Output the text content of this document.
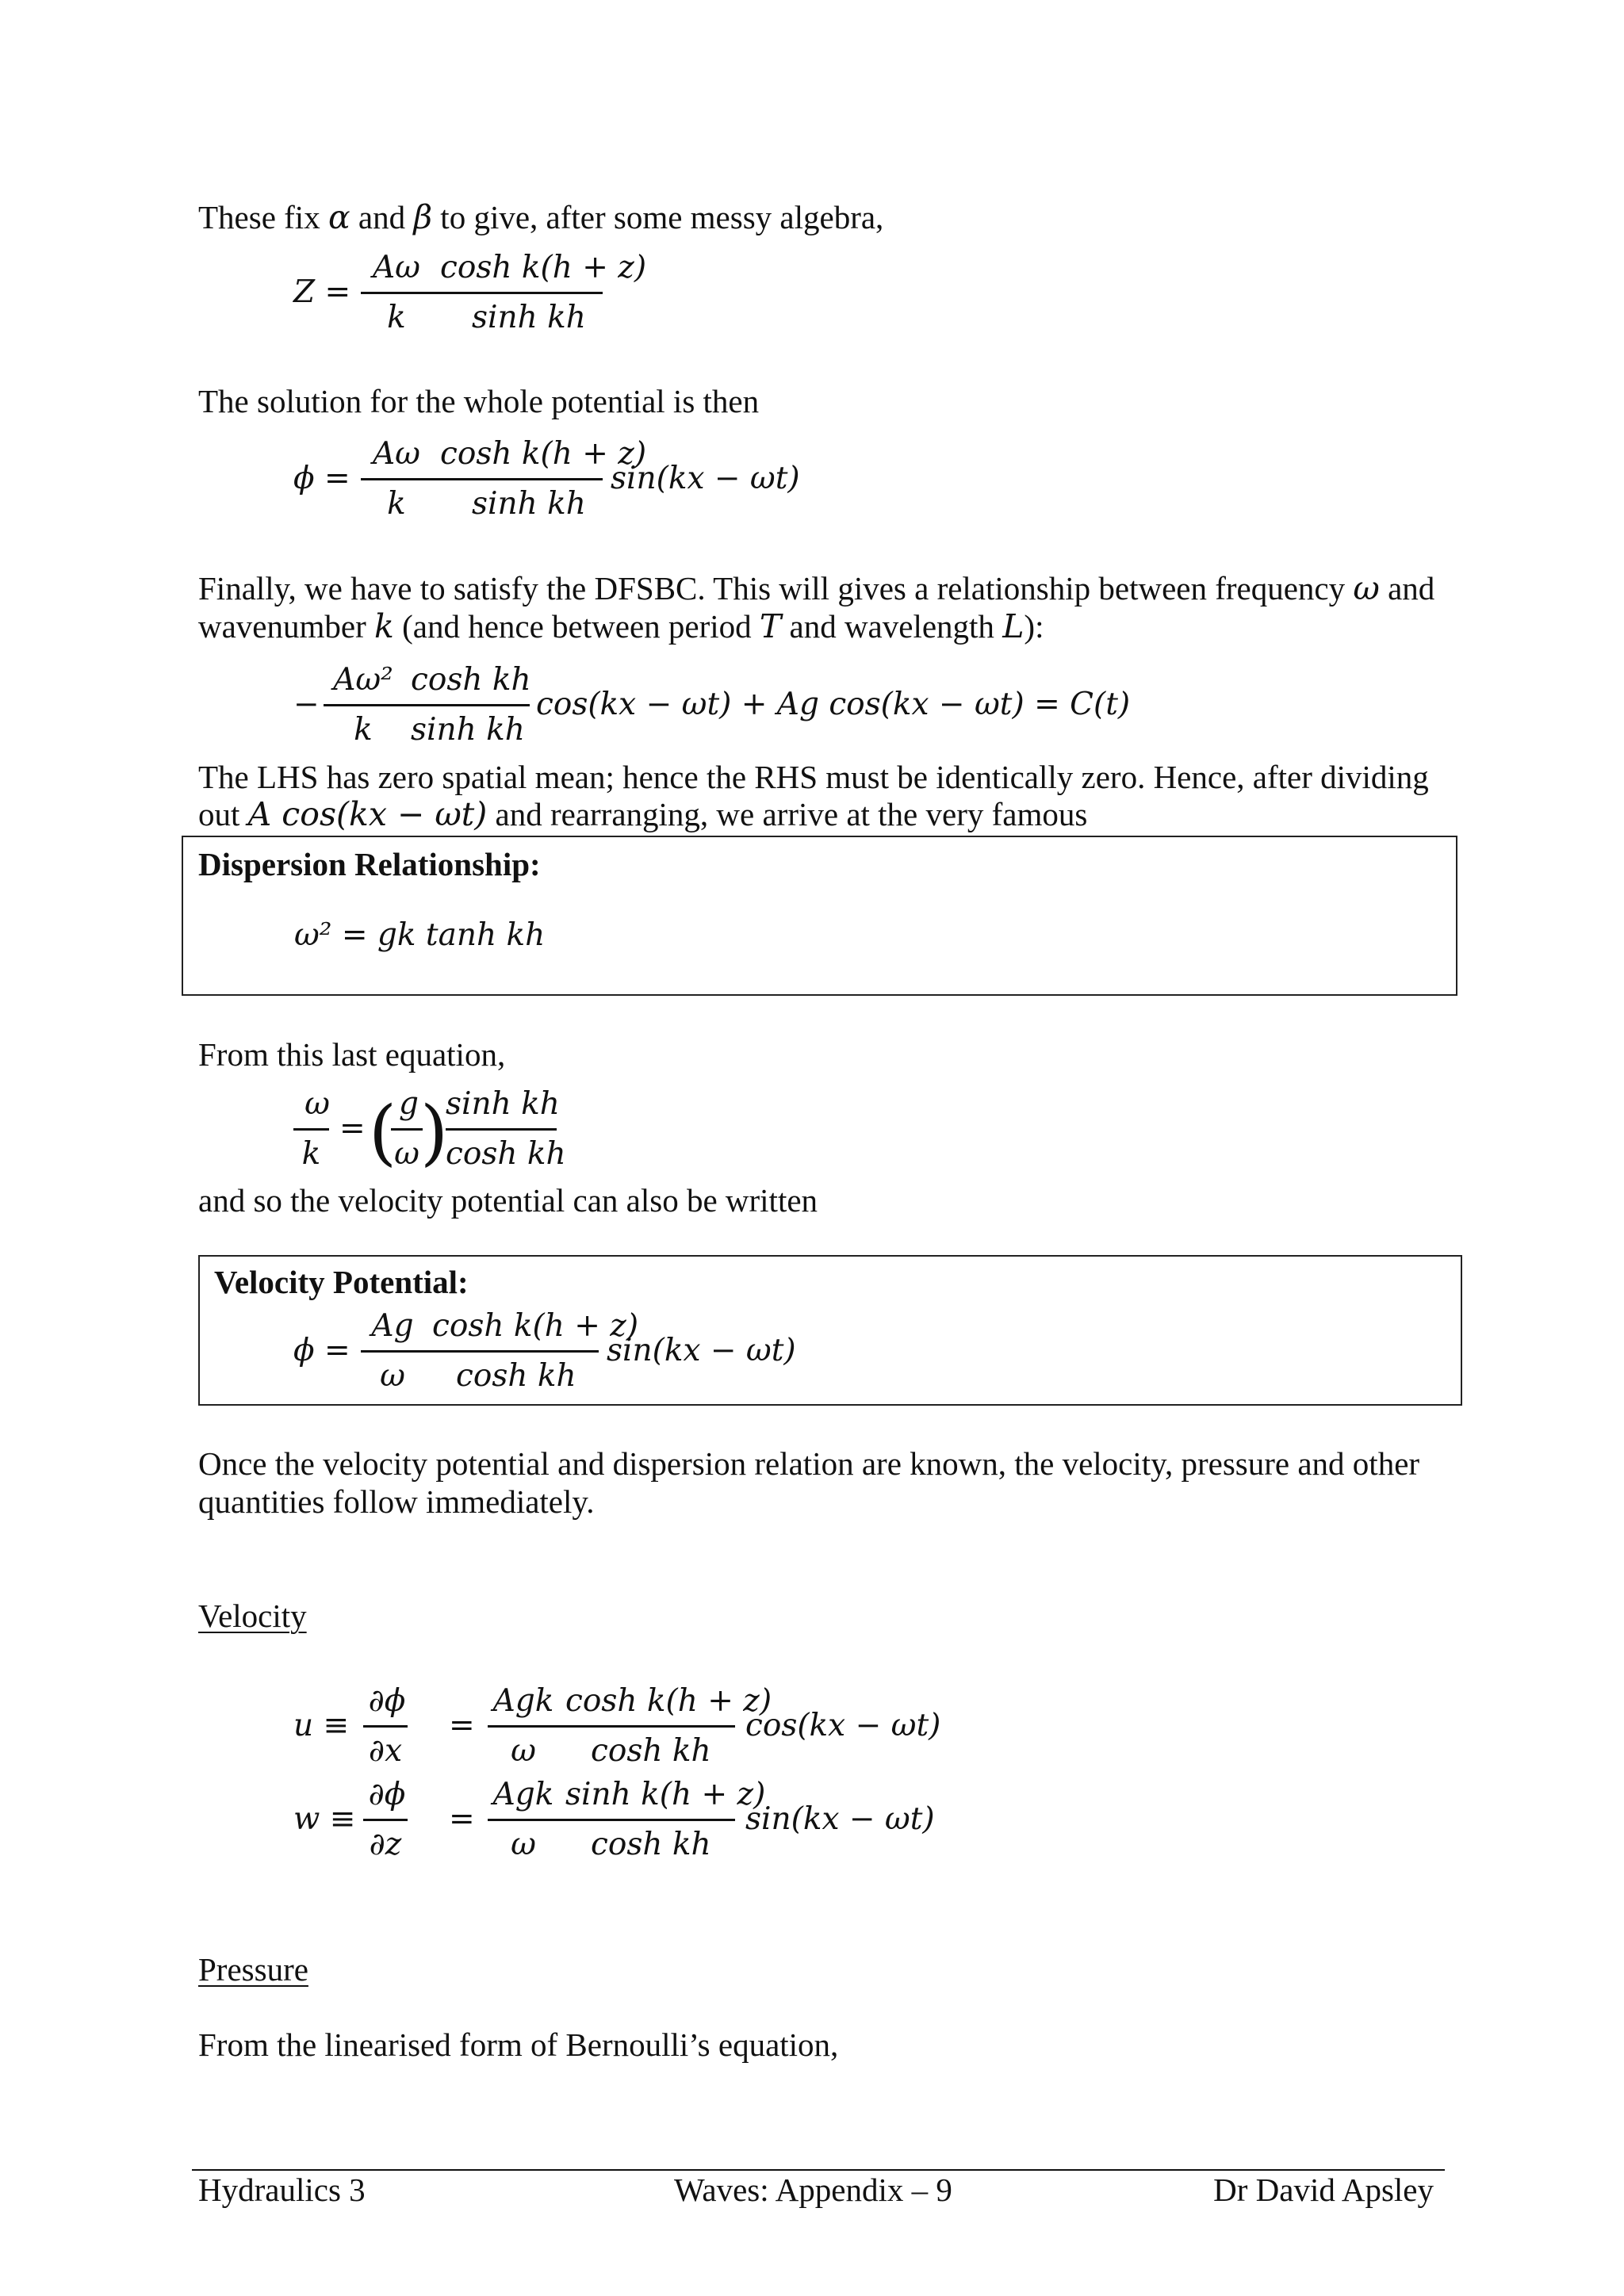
These fix α and β to give, after some messy algebra,

Z =
Aω cosh k(h + z)
k	sinh kh

The solution for the whole potential is then

ϕ =
Aω cosh k(h + z)
k	sinh kh
sin(kx − ωt)

Finally, we have to satisfy the DFSBC. This will gives a relationship between frequency ω and

wavenumber k (and hence between period T and wavelength L):

−
Aω² cosh kh
k	sinh kh
cos(kx − ωt) + Ag cos(kx − ωt) = C(t)

The LHS has zero spatial mean; hence the RHS must be identically zero. Hence, after dividing

out A cos(kx − ωt) and rearranging, we arrive at the very famous

Dispersion Relationship:
ω² = gk tanh kh

From this last equation,

ω
k
= ( g
ω )
sinh kh
cosh kh

and so the velocity potential can also be written

Velocity Potential:
ϕ =
Ag cosh k(h + z)
ω	cosh kh
sin(kx − ωt)

Once the velocity potential and dispersion relation are known, the velocity, pressure and other

quantities follow immediately.

Velocity

u ≡
∂ϕ
∂x
=
Agk cosh k(h + z)
ω	cosh kh
cos(kx − ωt)
w ≡
∂ϕ
∂z
=
Agk sinh k(h + z)
ω	cosh kh
sin(kx − ωt)

Pressure

From the linearised form of Bernoulli’s equation,

Hydraulics 3	Waves: Appendix – 9	Dr David Apsley
